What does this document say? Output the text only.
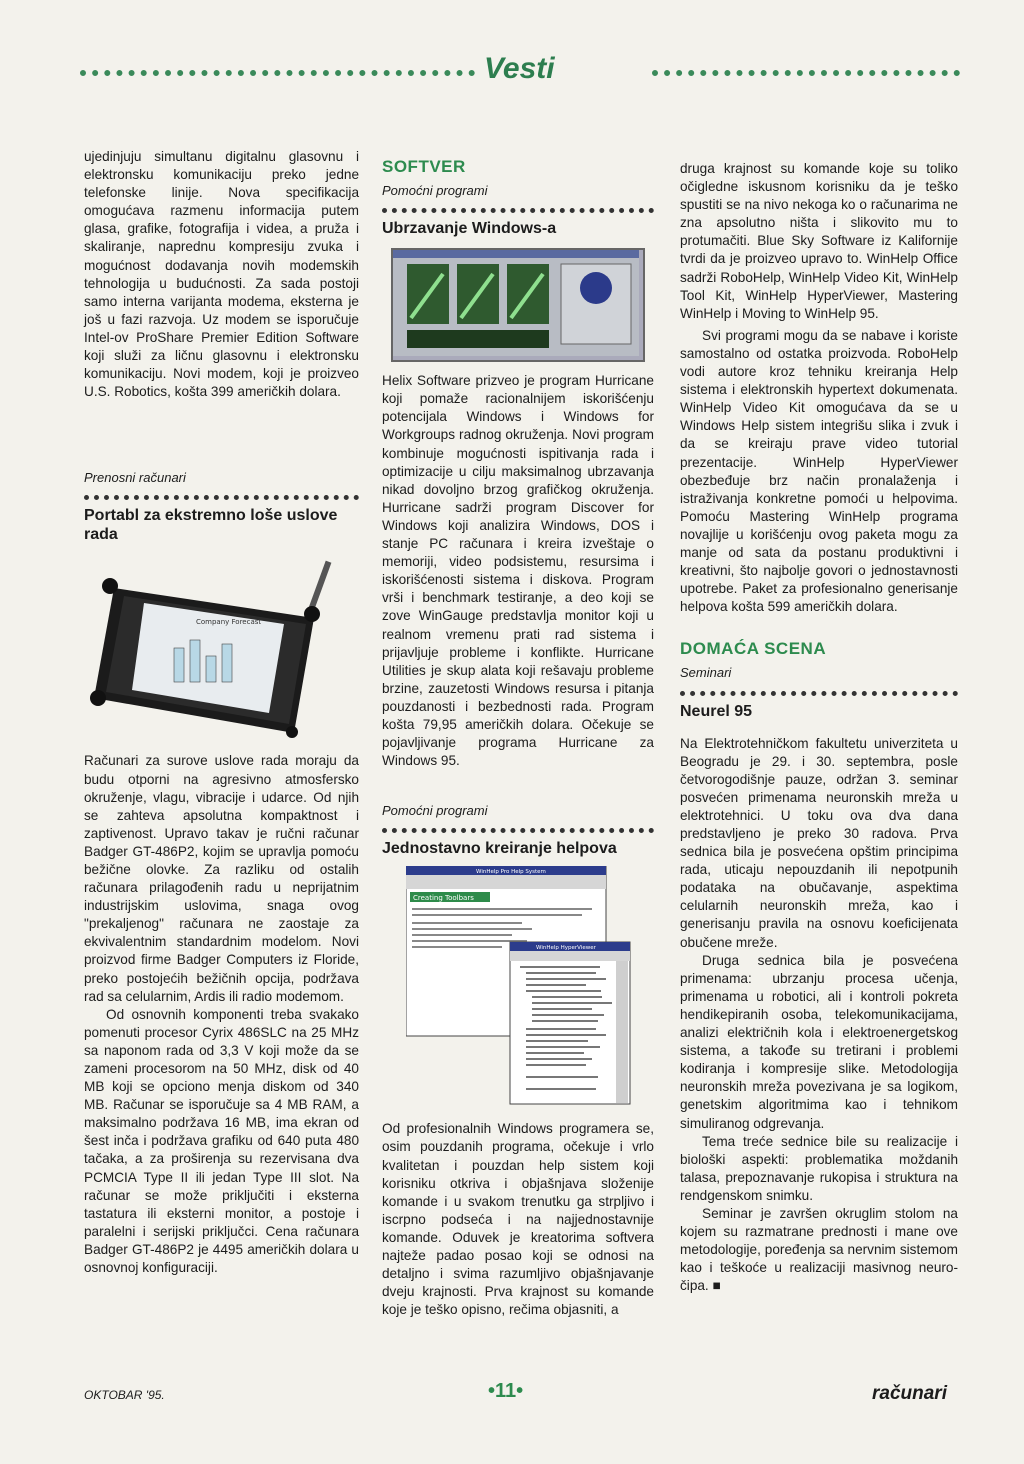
Vesti

ujedinjuju simultanu digitalnu glasovnu i elektronsku komunikaciju preko jedne telefonske linije. Nova specifikacija omogućava razmenu informacija putem glasa, grafike, fotografija i videa, a pruža i skaliranje, naprednu kompresiju zvuka i mogućnost dodavanja novih modemskih tehnologija u budućnosti. Za sada postoji samo interna varijanta modema, eksterna je još u fazi razvoja. Uz modem se isporučuje Intel-ov ProShare Premier Edition Software koji služi za ličnu glasovnu i elektronsku komunikaciju. Novi modem, koji je proizveo U.S. Robotics, košta 399 američkih dolara.

Prenosni računari
Portabl za ekstremno loše uslove rada
Company Forecast

Računari za surove uslove rada moraju da budu otporni na agresivno atmosfersko okruženje, vlagu, vibracije i udarce. Od njih se zahteva apsolutna kompaktnost i zaptivenost. Upravo takav je ručni računar Badger GT-486P2, kojim se upravlja pomoću bežične olovke. Za razliku od ostalih računara prilagođenih radu u neprijatnim industrijskim uslovima, snaga ovog "prekaljenog" računara ne zaostaje za ekvivalentnim standardnim modelom. Novi proizvod firme Badger Computers iz Floride, preko postojećih bežičnih opcija, podržava rad sa celularnim, Ardis ili radio modemom.

Od osnovnih komponenti treba svakako pomenuti procesor Cyrix 486SLC na 25 MHz sa naponom rada od 3,3 V koji može da se zameni procesorom na 50 MHz, disk od 40 MB koji se opciono menja diskom od 340 MB. Računar se isporučuje sa 4 MB RAM, a maksimalno podržava 16 MB, ima ekran od šest inča i podržava grafiku od 640 puta 480 tačaka, a za proširenja su rezervisana dva PCMCIA Type II ili jedan Type III slot. Na računar se može priključiti i eksterna tastatura ili eksterni monitor, a postoje i paralelni i serijski priključci. Cena računara Badger GT-486P2 je 4495 američkih dolara u osnovnoj konfiguraciji.

SOFTVER
Pomoćni programi
Ubrzavanje Windows-a

Helix Software prizveo je program Hurricane koji pomaže racionalnijem iskorišćenju potencijala Windows i Windows for Workgroups radnog okruženja. Novi program kombinuje mogućnosti ispitivanja rada i optimizacije u cilju maksimalnog ubrzavanja nikad dovoljno brzog grafičkog okruženja. Hurricane sadrži program Discover for Windows koji analizira Windows, DOS i stanje PC računara i kreira izveštaje o memoriji, video podsistemu, resursima i iskorišćenosti sistema i diskova. Program vrši i benchmark testiranje, a deo koji se zove WinGauge predstavlja monitor koji u realnom vremenu prati rad sistema i prijavljuje probleme i konflikte. Hurricane Utilities je skup alata koji rešavaju probleme brzine, zauzetosti Windows resursa i pitanja pouzdanosti i bezbednosti rada. Program košta 79,95 američkih dolara. Očekuje se pojavljivanje programa Hurricane za Windows 95.

Pomoćni programi
Jednostavno kreiranje helpova
WinHelp Pro Help System
Creating Toolbars
WinHelp HyperViewer

Od profesionalnih Windows programera se, osim pouzdanih programa, očekuje i vrlo kvalitetan i pouzdan help sistem koji korisniku otkriva i objašnjava složenije komande i u svakom trenutku ga strpljivo i iscrpno podseća i na najjednostavnije komande. Oduvek je kreatorima softvera najteže padao posao koji se odnosi na detaljno i svima razumljivo objašnjavanje dveju krajnosti. Prva krajnost su komande koje je teško opisno, rečima objasniti, a

druga krajnost su komande koje su toliko očigledne iskusnom korisniku da je teško spustiti se na nivo nekoga ko o računarima ne zna apsolutno ništa i slikovito mu to protumačiti. Blue Sky Software iz Kalifornije tvrdi da je proizveo upravo to. WinHelp Office sadrži RoboHelp, WinHelp Video Kit, WinHelp Tool Kit, WinHelp HyperViewer, Mastering WinHelp i Moving to WinHelp 95.

Svi programi mogu da se nabave i koriste samostalno od ostatka proizvoda. RoboHelp vodi autore kroz tehniku kreiranja Help sistema i elektronskih hypertext dokumenata. WinHelp Video Kit omogućava da se u Windows Help sistem integrišu slika i zvuk i da se kreiraju prave video tutorial prezentacije. WinHelp HyperViewer obezbeđuje brz način pronalaženja i istraživanja konkretne pomoći u helpovima. Pomoću Mastering WinHelp programa novajlije u korišćenju ovog paketa mogu za manje od sata da postanu produktivni i kreativni, što najbolje govori o jednostavnosti upotrebe. Paket za profesionalno generisanje helpova košta 599 američkih dolara.

DOMAĆA SCENA
Seminari
Neurel 95

Na Elektrotehničkom fakultetu univerziteta u Beogradu je 29. i 30. septembra, posle četvorogodišnje pauze, održan 3. seminar posvećen primenama neuronskih mreža u elektrotehnici. U toku ova dva dana predstavljeno je preko 30 radova. Prva sednica bila je posvećena opštim principima rada, uticaju nepouzdanih ili nepotpunih podataka na obučavanje, aspektima celularnih neuronskih mreža, kao i generisanju pravila na osnovu koeficijenata obučene mreže.

Druga sednica bila je posvećena primenama: ubrzanju procesa učenja, primenama u robotici, ali i kontroli pokreta hendikepiranih osoba, telekomunikacijama, analizi električnih kola i elektroenergetskog sistema, a takođe su tretirani i problemi kodiranja i kompresije slike. Metodologija neuronskih mreža povezivana je sa logikom, genetskim algoritmima kao i tehnikom simuliranog odgrevanja.

Tema treće sednice bile su realizacije i biološki aspekti: problematika moždanih talasa, prepoznavanje rukopisa i struktura na rendgenskom snimku.

Seminar je završen okruglim stolom na kojem su razmatrane prednosti i mane ove metodologije, poređenja sa nervnim sistemom kao i teškoće u realizaciji masivnog neuro-čipa. ■

OKTOBAR '95.	•11•	računari
